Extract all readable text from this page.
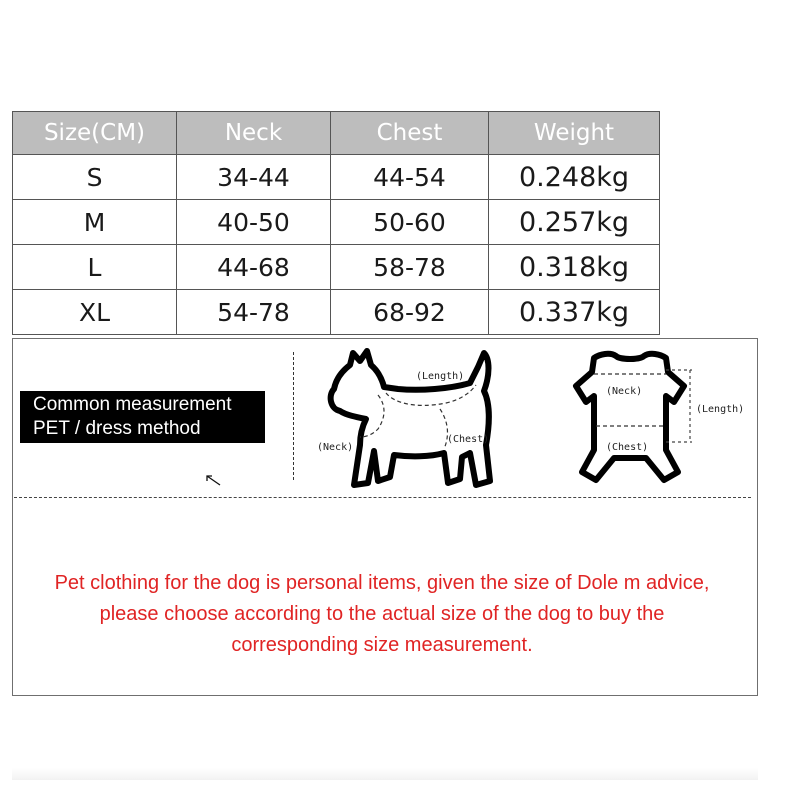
Size(CM)	Neck	Chest	Weight
S	34-44	44-54	0.248kg
M	40-50	50-60	0.257kg
L	44-68	58-78	0.318kg
XL	54-78	68-92	0.337kg
Common measurement
PET / dress method
(Length)
(Neck)
(Chest)
(Neck)
(Length)
(Chest)
Pet clothing for the dog is personal items, given the size of Dole m advice,
please choose according to the actual size of the dog to buy the
corresponding size measurement.
